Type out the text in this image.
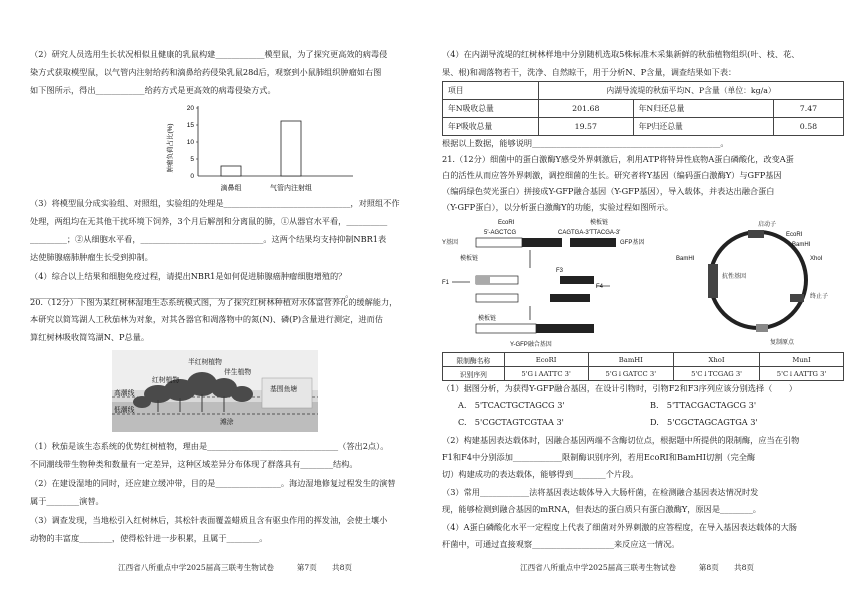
（2）研究人员选用生长状况相似且健康的乳鼠构建____________模型鼠，为了探究更高效的病毒侵
染方式获取模型鼠，以气管内注射给药和滴鼻给药侵染乳鼠28d后，观察到小鼠肺组织肿瘤如右图
如下图所示，得出____________给药方式是更高效的病毒侵染方式。
肿瘤负荷占比(%)
0
5
10
15
20
滴鼻组	气管内注射组
（3）将模型鼠分成实验组、对照组，实验组的处理是_______________________________，对照组不作
处理，两组均在无其他干扰环境下饲养，3个月后解剖和分离鼠的肺，①从器官水平看，__________
_________；②从细胞水平看，______________________________。这两个结果均支持抑制NBR1表
达使肺腺癌肺肿瘤生长受到抑制。
（4）综合以上结果和细胞免疫过程，请提出NBR1是如何促进肺腺癌肿瘤细胞增殖的？
_____________________________________________________________________________。
20.（12分）下图为某红树林湿地生态系统模式图，为了探究红树林种植对水体富营养化的缓解能力，
本研究以简笃湖人工秋茄林为对象，对其各器官和凋落物中的氮(N)、磷(P)含量进行测定，进而估
算红树林吸收简笃湖N、P总量。
半红树植物
红树植物
伴生植物
基围鱼塘
高潮线
低潮线
滩涂
（1）秋茄是该生态系统的优势红树植物，理由是________________________________（答出2点）。
不同潮线带生物种类和数量有一定差异，这种区域差异分布体现了群落具有________结构。
（2）在建设湿地的同时，还应建立缓冲带，目的是________________。海边湿地修复过程发生的演替
属于________演替。
（3）调查发现，当地松引入红树林后，其松针表面覆盖蜡质且含有驱虫作用的挥发油，会使土壤小
动物的丰富度________，使得松针进一步积累，且属于________。
江西省八所重点中学2025届高三联考生物试卷　　　第7页　　共8页
（4）在内湖导流堤的红树林样地中分别随机选取5株标准木采集新鲜的秋茄植物组织(叶、枝、花、
果、根)和凋落物若干，洗净、自然晾干，用于分析N、P含量，调查结果如下表：
项目	内湖导流堤的秋茄平均N、P含量（单位：kg/a）		
年N吸收总量	201.68	年N归还总量	7.47
年P吸收总量	19.57	年P归还总量	0.58
根据以上数据，能够说明______________________________________________。
21.（12分）细菌中的蛋白激酶Y感受外界刺激后，利用ATP将特异性底物A蛋白磷酸化，改变A蛋
白的活性从而应答外界刺激，调控细菌的生长。研究者将Y基因（编码蛋白激酶Y）与GFP基因
（编码绿色荧光蛋白）拼接成Y-GFP融合基因（Y-GFP基因），导入载体，并表达出融合蛋白
（Y-GFP蛋白），以分析蛋白激酶Y的功能，实验过程如图所示。
EcoRⅠ	模板链
5'-AGCTCG	CAGTGA-3' TTACGA-3'
Y基因	GFP基因
模板链
F3
F1
F4
模板链
Y-GFP融合基因
启动子
EcoRⅠ
BamHⅠ
XhoⅠ
BamHⅠ
抗性基因
终止子
复制原点
限制酶名称	EcoRⅠ	BamHⅠ	XhoⅠ	MunⅠ
识别序列	5'G↓AATTC 3'	5'G↓GATCC 3'	5'C↓TCGAG 3'	5'C↓AATTG 3'
（1）据图分析，为获得Y-GFP融合基因，在设计引物时，引物F2和F3序列应该分别选择（　　）
A.　5'TCACTGCTAGCG 3'	B.　5'TTACGACTAGCG 3'
C.　5'CGCTAGTCGTAA 3'	D.　5'CGCTAGCAGTGA 3'
（2）构建基因表达载体时，因融合基因两端不含酶切位点，根据题中所提供的限制酶，应当在引物
F1和F4中分别添加____________限制酶识别序列，若用EcoRⅠ和BamHⅠ切割（完全酶
切）构建成功的表达载体，能够得到________个片段。
（3）常用____________法将基因表达载体导入大肠杆菌，在检测融合基因表达情况时发
现，能够检测到融合基因的mRNA，但表达的蛋白质只有蛋白激酶Y，原因是________。
（4）A蛋白磷酸化水平一定程度上代表了细菌对外界刺激的应答程度，在导入基因表达载体的大肠
杆菌中，可通过直接观察____________________来反应这一情况。
江西省八所重点中学2025届高三联考生物试卷　　　第8页　　共8页
